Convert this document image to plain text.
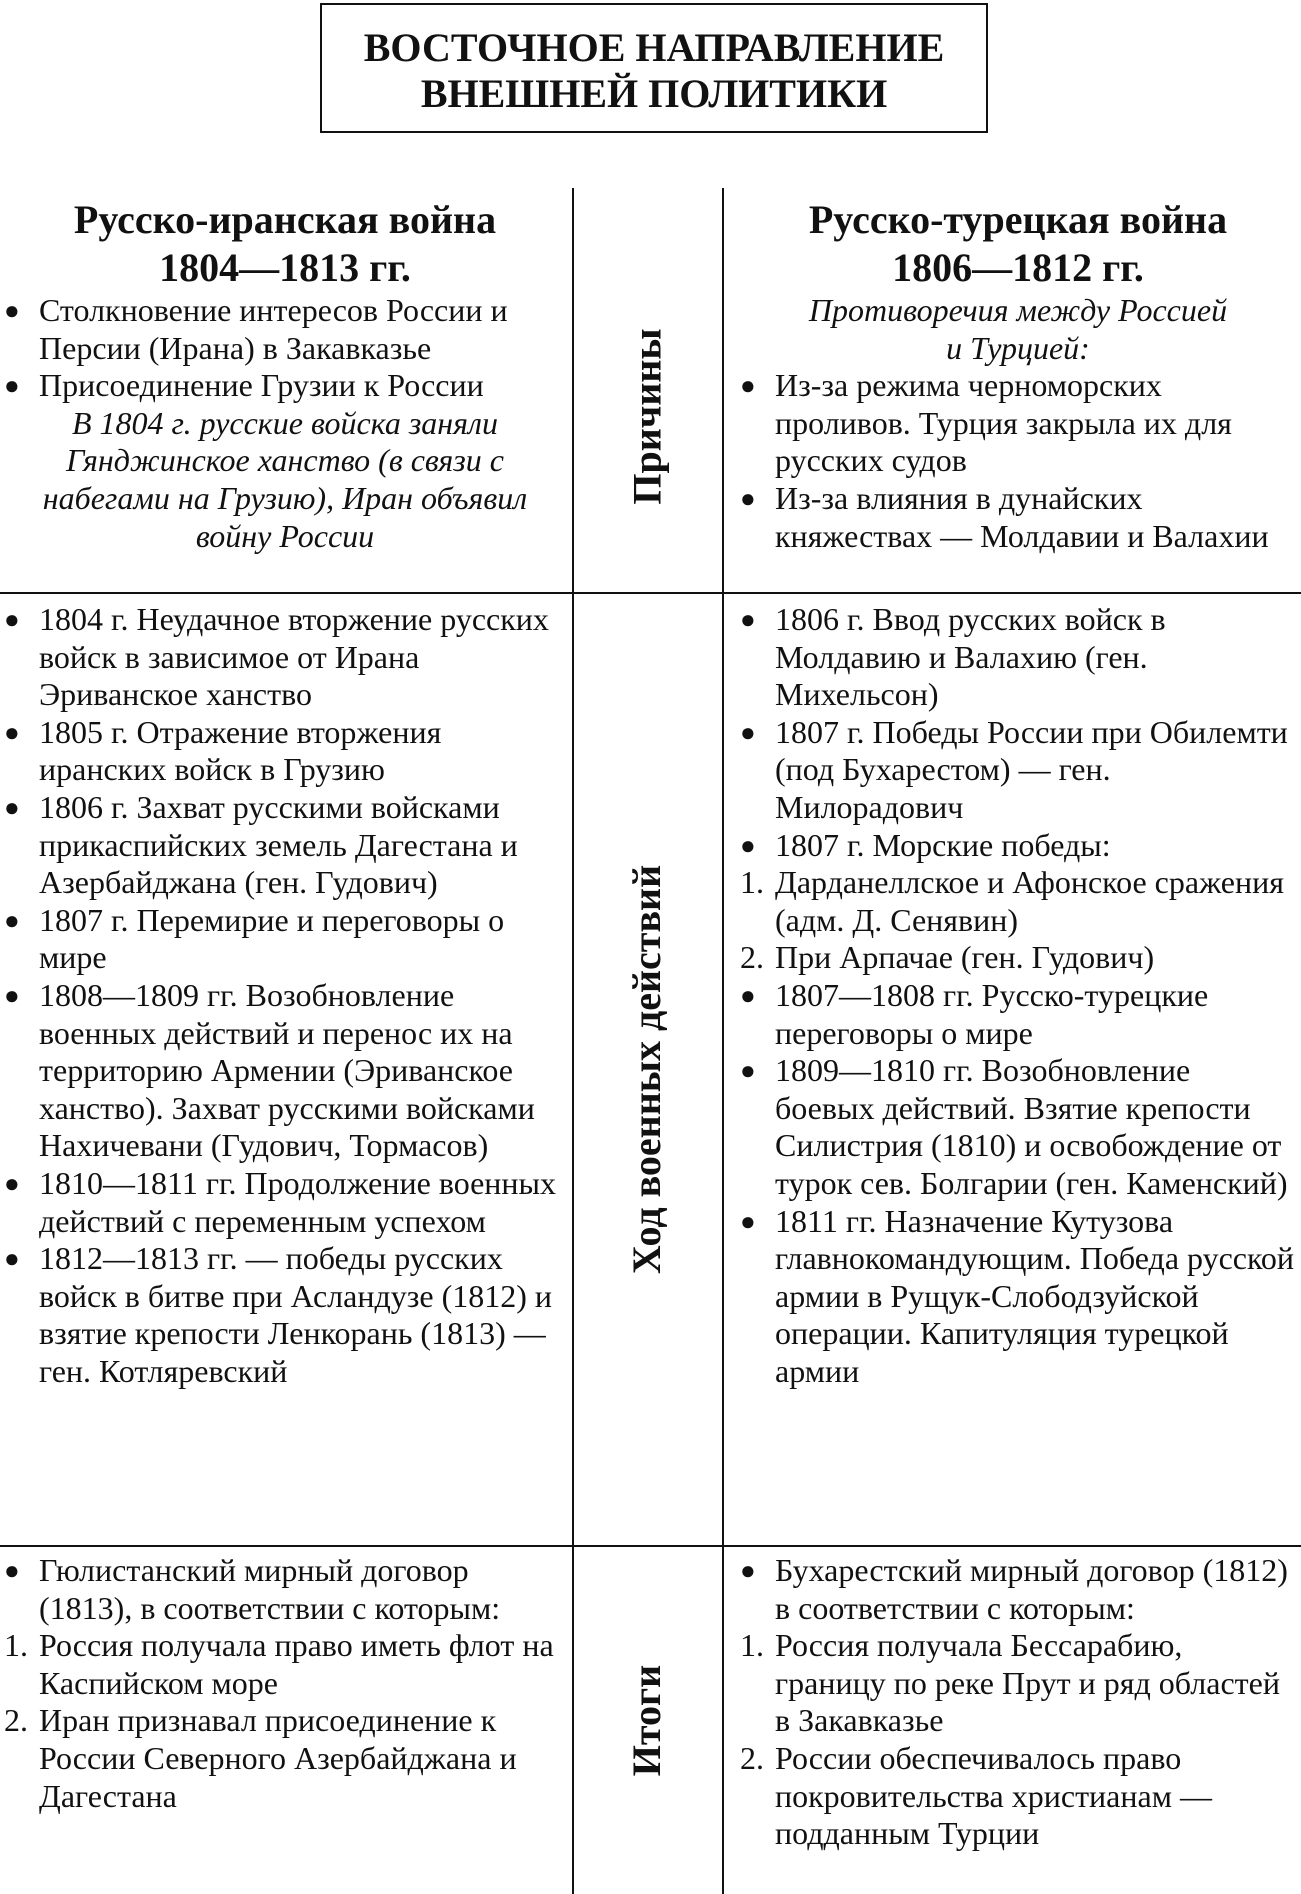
ВОСТОЧНОЕ НАПРАВЛЕНИЕ
ВНЕШНЕЙ ПОЛИТИКИ
Причины
Ход военных действий
Итоги
Русско-иранская война
1804—1813 гг.
● Столкновение интересов России и Персии (Ирана) в Закавказье
● Присоединение Грузии к России
В 1804 г. русские войска заняли Гянджинское ханство (в связи с набегами на Грузию), Иран объявил войну России
● 1804 г. Неудачное вторжение русских войск в зависимое от Ирана Эриванское ханство
● 1805 г. Отражение вторжения иранских войск в Грузию
● 1806 г. Захват русскими войсками прикаспийских земель Дагестана и Азербайджана (ген. Гудович)
● 1807 г. Перемирие и переговоры о мире
● 1808—1809 гг. Возобновление военных действий и перенос их на территорию Армении (Эриванское ханство). Захват русскими войсками Нахичевани (Гудович, Тормасов)
● 1810—1811 гг. Продолжение военных действий с переменным успехом
● 1812—1813 гг. — победы русских войск в битве при Асландузе (1812) и взятие крепости Ленкорань (1813) — ген. Котляревский
● Гюлистанский мирный договор (1813), в соответствии с которым:
1. Россия получала право иметь флот на Каспийском море
2. Иран признавал присоединение к России Северного Азербайджана и Дагестана
Русско-турецкая война
1806—1812 гг.
Противоречия между Россией и Турцией:
● Из-за режима черноморских проливов. Турция закрыла их для русских судов
● Из-за влияния в дунайских княжествах — Молдавии и Валахии
● 1806 г. Ввод русских войск в Молдавию и Валахию (ген. Михельсон)
● 1807 г. Победы России при Обилемти (под Бухарестом) — ген. Милорадович
● 1807 г. Морские победы:
1. Дарданеллское и Афонское сражения (адм. Д. Сенявин)
2. При Арпачае (ген. Гудович)
● 1807—1808 гг. Русско-турецкие переговоры о мире
● 1809—1810 гг. Возобновление боевых действий. Взятие крепости Силистрия (1810) и освобождение от турок сев. Болгарии (ген. Каменский)
● 1811 гг. Назначение Кутузова главнокомандующим. Победа русской армии в Рущук-Слободзуйской операции. Капитуляция турецкой армии
● Бухарестский мирный договор (1812) в соответствии с которым:
1. Россия получала Бессарабию, границу по реке Прут и ряд областей в Закавказье
2. России обеспечивалось право покровительства христианам — подданным Турции
